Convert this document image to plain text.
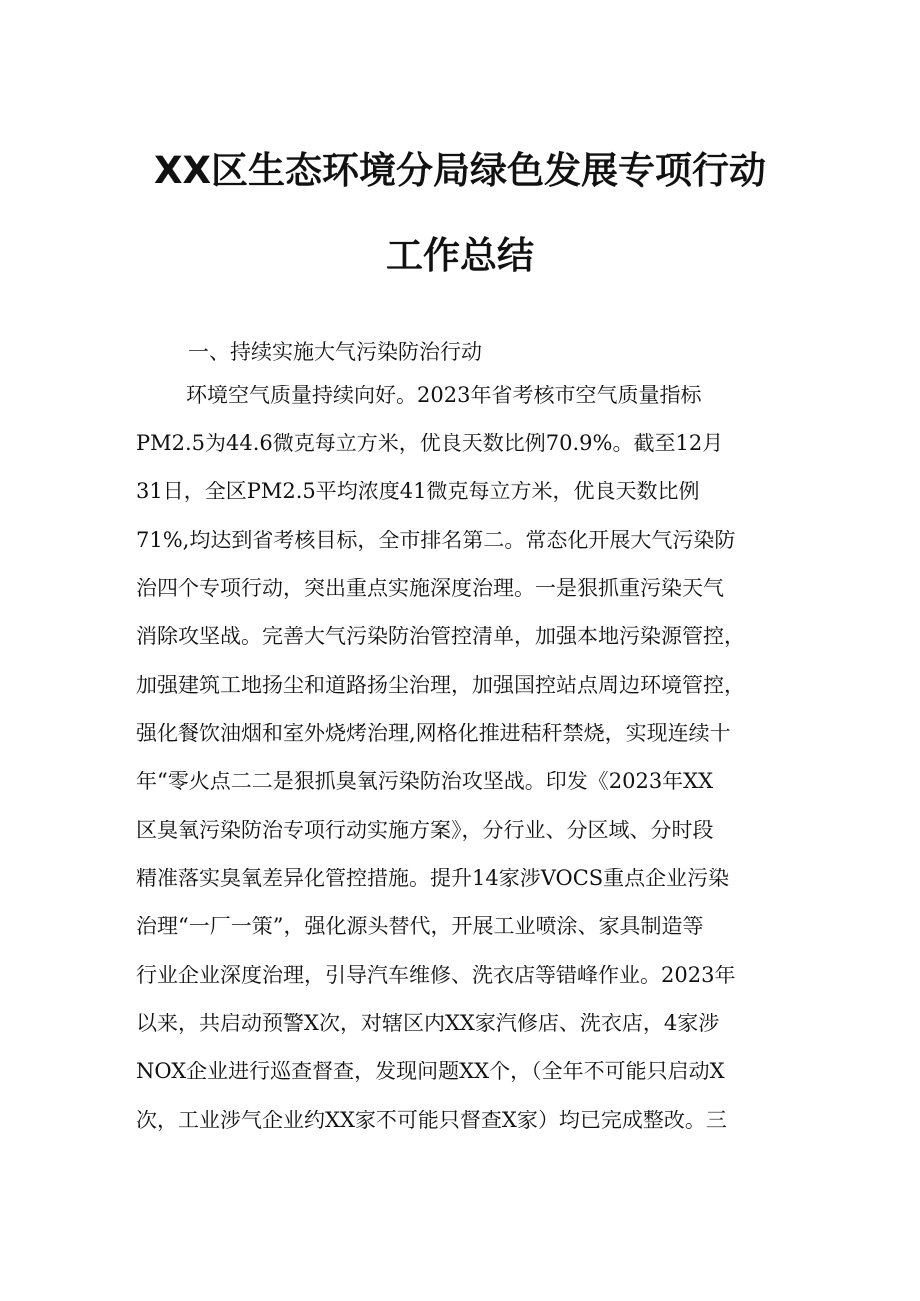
XX区生态环境分局绿色发展专项行动
工作总结
一、持续实施大气污染防治行动
环境空气质量持续向好。2023年省考核市空气质量指标
PM2.5为44.6微克每立方米，优良天数比例70.9%。截至12月
31日，全区PM2.5平均浓度41微克每立方米，优良天数比例
71%,均达到省考核目标，全市排名第二。常态化开展大气污染防
治四个专项行动，突出重点实施深度治理。一是狠抓重污染天气
消除攻坚战。完善大气污染防治管控清单，加强本地污染源管控，
加强建筑工地扬尘和道路扬尘治理，加强国控站点周边环境管控，
强化餐饮油烟和室外烧烤治理,网格化推进秸秆禁烧，实现连续十
年“零火点二二是狠抓臭氧污染防治攻坚战。印发《2023年XX
区臭氧污染防治专项行动实施方案》，分行业、分区域、分时段
精准落实臭氧差异化管控措施。提升14家涉VOCS重点企业污染
治理“一厂一策”，强化源头替代，开展工业喷涂、家具制造等
行业企业深度治理，引导汽车维修、洗衣店等错峰作业。2023年
以来，共启动预警X次，对辖区内XX家汽修店、洗衣店，4家涉
NOX企业进行巡查督查，发现问题XX个，（全年不可能只启动X
次，工业涉气企业约XX家不可能只督查X家）均已完成整改。三
